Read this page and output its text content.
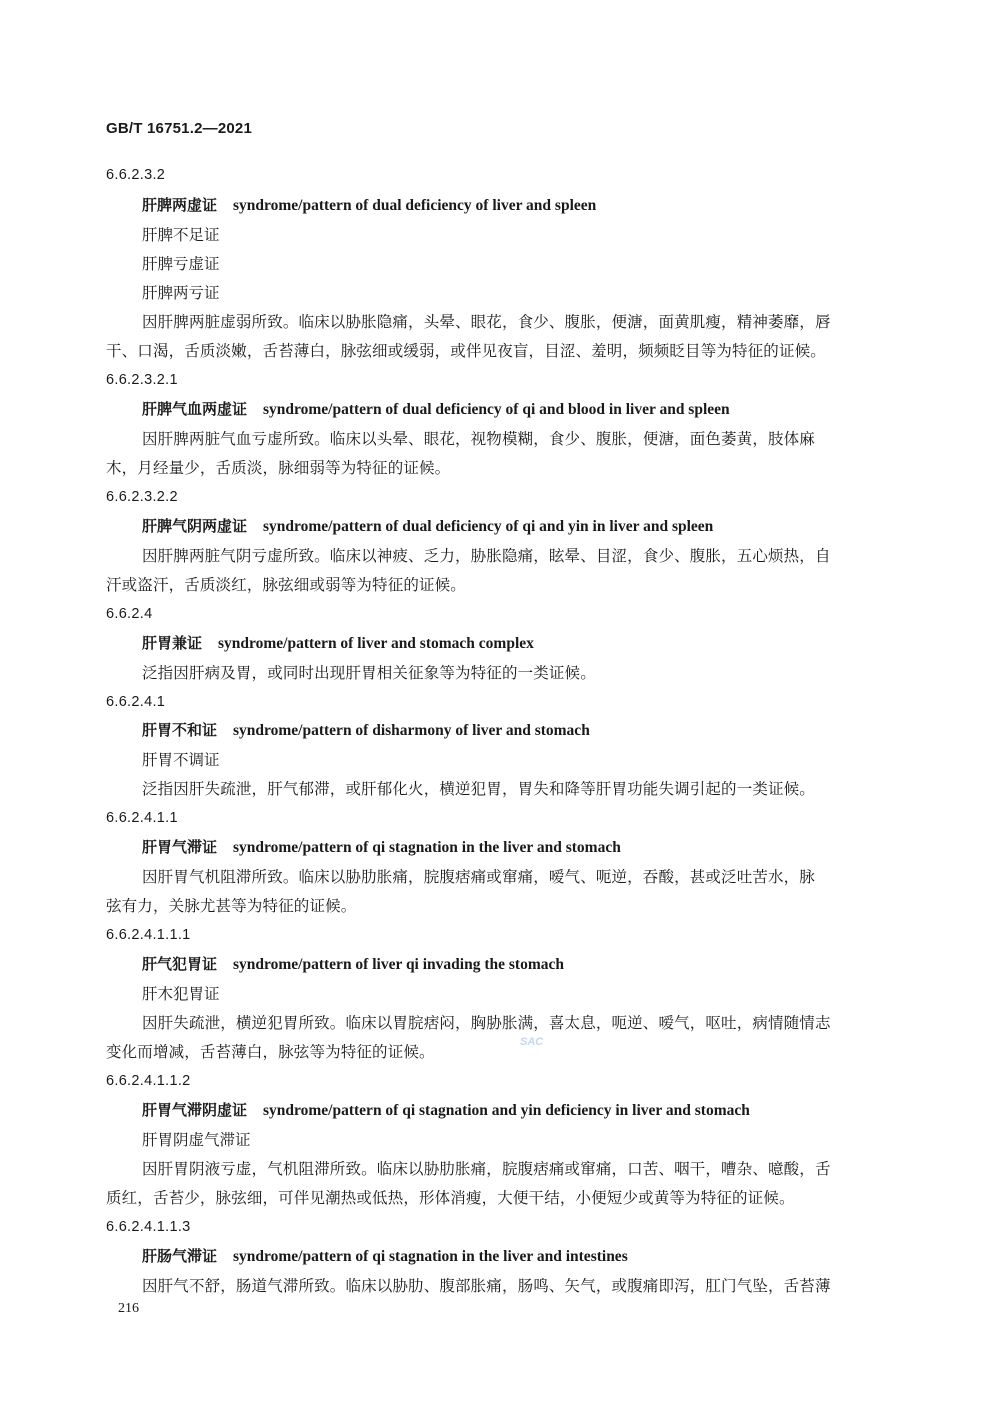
GB/T 16751.2—2021
6.6.2.3.2
肝脾两虚证 syndrome/pattern of dual deficiency of liver and spleen
肝脾不足证
肝脾亏虚证
肝脾两亏证
因肝脾两脏虚弱所致。临床以胁胀隐痛，头晕、眼花，食少、腹胀，便溏，面黄肌瘦，精神萎靡，唇
干、口渴，舌质淡嫩，舌苔薄白，脉弦细或缓弱，或伴见夜盲，目涩、羞明，频频眨目等为特征的证候。
6.6.2.3.2.1
肝脾气血两虚证 syndrome/pattern of dual deficiency of qi and blood in liver and spleen
因肝脾两脏气血亏虚所致。临床以头晕、眼花，视物模糊，食少、腹胀，便溏，面色萎黄，肢体麻
木，月经量少，舌质淡，脉细弱等为特征的证候。
6.6.2.3.2.2
肝脾气阴两虚证 syndrome/pattern of dual deficiency of qi and yin in liver and spleen
因肝脾两脏气阴亏虚所致。临床以神疲、乏力，胁胀隐痛，眩晕、目涩，食少、腹胀，五心烦热，自
汗或盗汗，舌质淡红，脉弦细或弱等为特征的证候。
6.6.2.4
肝胃兼证 syndrome/pattern of liver and stomach complex
泛指因肝病及胃，或同时出现肝胃相关征象等为特征的一类证候。
6.6.2.4.1
肝胃不和证 syndrome/pattern of disharmony of liver and stomach
肝胃不调证
泛指因肝失疏泄，肝气郁滞，或肝郁化火，横逆犯胃，胃失和降等肝胃功能失调引起的一类证候。
6.6.2.4.1.1
肝胃气滞证 syndrome/pattern of qi stagnation in the liver and stomach
因肝胃气机阻滞所致。临床以胁肋胀痛，脘腹痞痛或窜痛，嗳气、呃逆，吞酸，甚或泛吐苦水，脉
弦有力，关脉尤甚等为特征的证候。
6.6.2.4.1.1.1
肝气犯胃证 syndrome/pattern of liver qi invading the stomach
肝木犯胃证
因肝失疏泄，横逆犯胃所致。临床以胃脘痞闷，胸胁胀满，喜太息，呃逆、嗳气，呕吐，病情随情志
变化而增减，舌苔薄白，脉弦等为特征的证候。
6.6.2.4.1.1.2
肝胃气滞阴虚证 syndrome/pattern of qi stagnation and yin deficiency in liver and stomach
肝胃阴虚气滞证
因肝胃阴液亏虚，气机阻滞所致。临床以胁肋胀痛，脘腹痞痛或窜痛，口苦、咽干，嘈杂、噫酸，舌
质红，舌苔少，脉弦细，可伴见潮热或低热，形体消瘦，大便干结，小便短少或黄等为特征的证候。
6.6.2.4.1.1.3
肝肠气滞证 syndrome/pattern of qi stagnation in the liver and intestines
因肝气不舒，肠道气滞所致。临床以胁肋、腹部胀痛，肠鸣、矢气，或腹痛即泻，肛门气坠，舌苔薄
SAC
216
